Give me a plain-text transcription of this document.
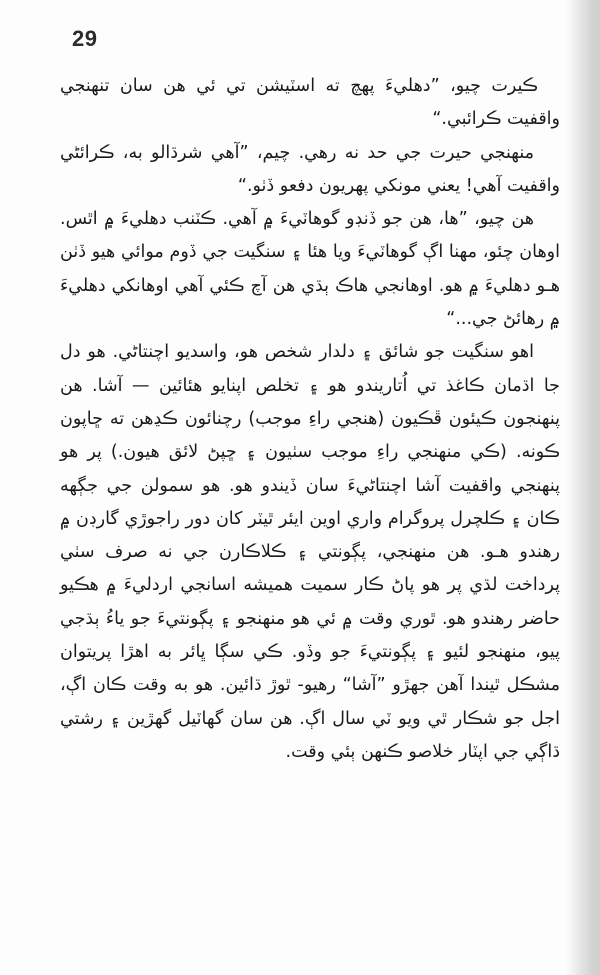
29

ڪيرت چيو، ”دهليءَ پهچ ته اسٽيشن تي ئي هن سان تنهنجي واقفيت ڪرائبي.“

منهنجي حيرت جي حد نه رهي. چيم، ”آهي شرڌالو به، ڪرائڻي واقفيت آهي! يعني مونکي پهريون دفعو ڏٺو.“

هن چيو، ”ها، هن جو ڏنڊو گوهاٽيءَ ۾ آهي. ڪٽنب دهليءَ ۾ اٿس. اوهان چئو، مهنا اڳ گوهاٽيءَ ويا هئا ۽ سنگيت جي ڏوم موائي هيو ڏٺن هـو دهليءَ ۾ هو. اوهانجي هاڪ ٻڌي هن آچ ڪئي آهي اوهانکي دهليءَ ۾ رهائڻ جي...“

اهو سنگيت جو شائق ۽ دلدار شخص هو، واسديو اچنتاڻي. هو دل جا اڌمان ڪاغذ تي اُتاريندو هو ۽ تخلص اپنايو هئائين — آشا. هن پنهنجون ڪيئون ڦڪيون (هنجي راءِ موجب) رچنائون ڪڍهن ته ڇاپون ڪونه. (ڪي منهنجي راءِ موجب سٺيون ۽ ڇپڻ لائق هيون.) پر هو پنهنجي واقفيت آشا اچنتاڻيءَ سان ڏيندو هو. هو سمولن جي جڳهه ڪان ۽ ڪلچرل پروگرام واري اوين ايئر ٿيٽر کان دور راجوڙي گارڊن ۾ رهندو هـو. هن منهنجي، پڳونتي ۽ ڪلاڪارن جي نه صرف سٺي پرداخت لڌي پر هو پاڻ ڪار سميت هميشه اسانجي اردليءَ ۾ هڪيو حاضر رهندو هو. ٿوري وقت ۾ ئي هو منهنجو ۽ پڳونتيءَ جو ياءُ ٻڌجي پيو، منهنجو لئيو ۽ پڳونتيءَ جو وڏو. ڪي سڳا ڀائر به اهڙا پريتوان مشڪل ٿيندا آهن جهڙو ”آشا“ رهيو- ٿوڙ ڌائين. هو به وقت ڪان اڳ، اجل جو شڪار ٿي ويو ٽي سال اڳ. هن سان گهاٽيل گهڙين ۽ رشتي ڌاڳي جي اپٽار خلاصو ڪنهن ٻئي وقت.
